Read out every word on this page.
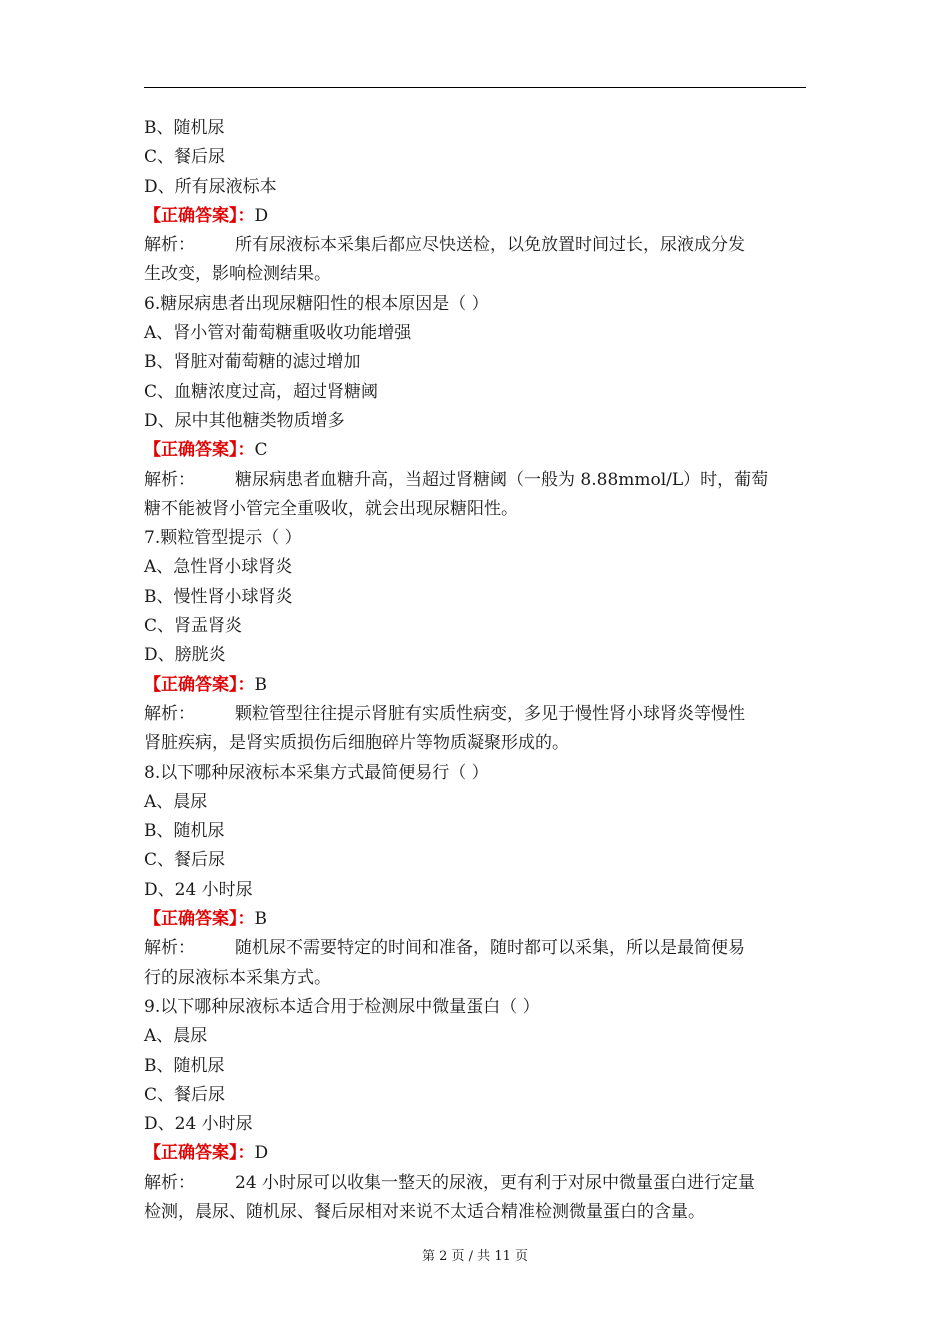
B、随机尿
C、餐后尿
D、所有尿液标本
【正确答案】：D
解析： 所有尿液标本采集后都应尽快送检，以免放置时间过长，尿液成分发
生改变，影响检测结果。
6.糖尿病患者出现尿糖阳性的根本原因是（ ）
A、肾小管对葡萄糖重吸收功能增强
B、肾脏对葡萄糖的滤过增加
C、血糖浓度过高，超过肾糖阈
D、尿中其他糖类物质增多
【正确答案】：C
解析： 糖尿病患者血糖升高，当超过肾糖阈（一般为 8.88mmol/L）时，葡萄
糖不能被肾小管完全重吸收，就会出现尿糖阳性。
7.颗粒管型提示（ ）
A、急性肾小球肾炎
B、慢性肾小球肾炎
C、肾盂肾炎
D、膀胱炎
【正确答案】：B
解析： 颗粒管型往往提示肾脏有实质性病变，多见于慢性肾小球肾炎等慢性
肾脏疾病，是肾实质损伤后细胞碎片等物质凝聚形成的。
8.以下哪种尿液标本采集方式最简便易行（ ）
A、晨尿
B、随机尿
C、餐后尿
D、24 小时尿
【正确答案】：B
解析： 随机尿不需要特定的时间和准备，随时都可以采集，所以是最简便易
行的尿液标本采集方式。
9.以下哪种尿液标本适合用于检测尿中微量蛋白（ ）
A、晨尿
B、随机尿
C、餐后尿
D、24 小时尿
【正确答案】：D
解析： 24 小时尿可以收集一整天的尿液，更有利于对尿中微量蛋白进行定量
检测，晨尿、随机尿、餐后尿相对来说不太适合精准检测微量蛋白的含量。
第 2 页 / 共 11 页
